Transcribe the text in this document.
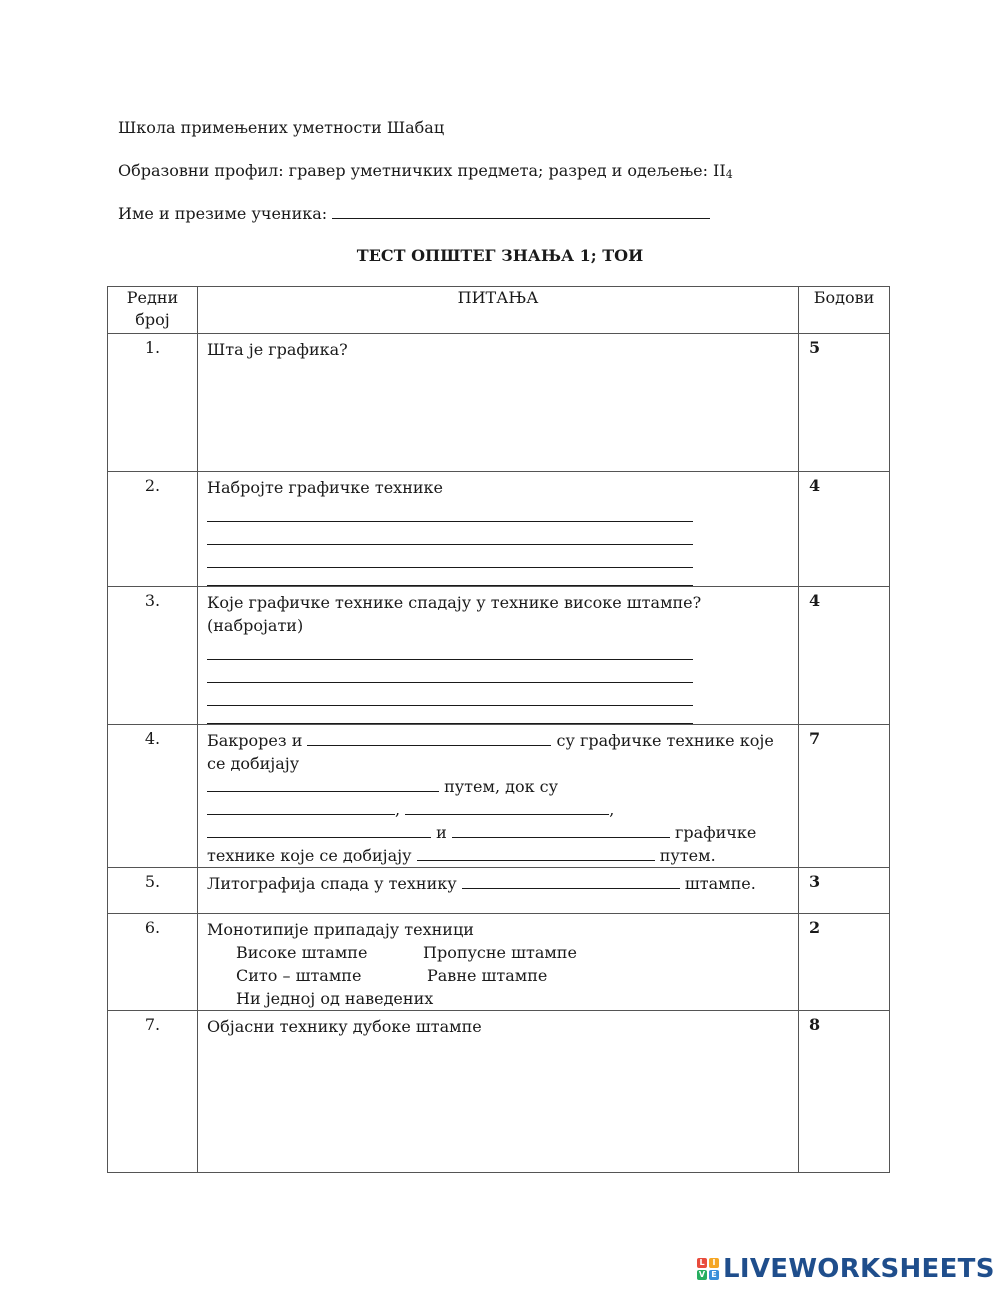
Школа примењених уметности Шабац
Образовни профил: гравер уметничких предмета; разред и одељење: $II_4$
Име и презиме ученика:
ТЕСТ ОПШТЕГ ЗНАЊА 1; ТОИ
Редни број	ПИТАЊА	Бодови
1.	Шта је графика?	5
2.	Набројте графичке технике	4
3.	Које графичке технике спадају у технике високе штампе? (набројати)	4
4.	Бакрорез и су графичке технике које се добијају
путем, док су
, ,
и графичке технике које се добијају путем.	7
5.	Литографија спада у технику штампе.	3
6.	Монотипије припадају техници
Високе штампе Пропусне штампе
Сито – штампе Равне штампе
Ни једној од наведених	2
7.	Објасни технику дубоке штампе	8
L I
V E LIVEWORKSHEETS
